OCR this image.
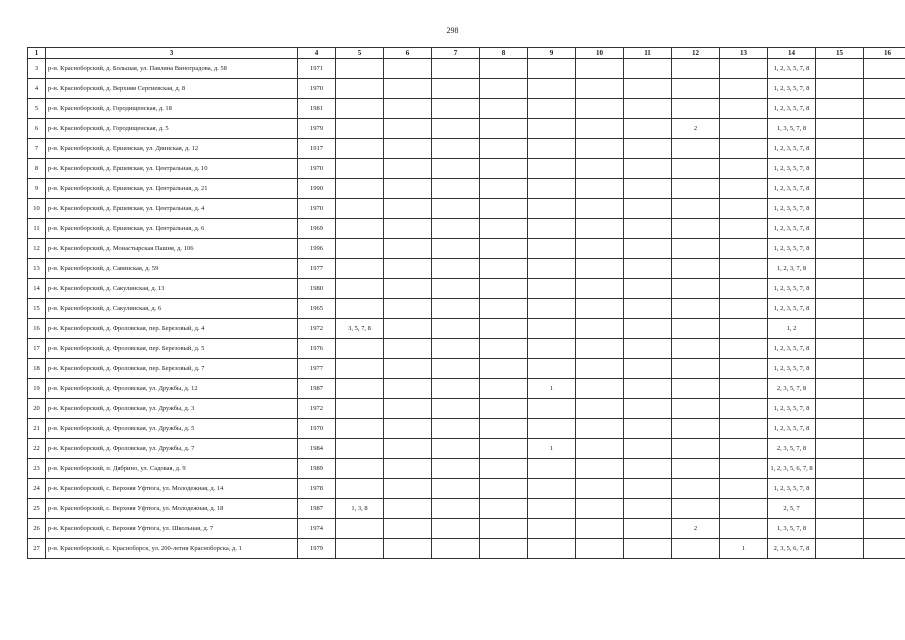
298
1	3	4	5	6	7	8	9	10	11	12	13	14	15	16
3	р-н. Красноборский, д. Большая, ул. Павлина Виноградова, д. 58	1971										1, 2, 3, 5, 7, 8		
4	р-н. Красноборский, д. Верхняя Сергиевская, д. 8	1970										1, 2, 3, 5, 7, 8		
5	р-н. Красноборский, д. Городищенская, д. 18	1981										1, 2, 3, 5, 7, 8		
6	р-н. Красноборский, д. Городищенская, д. 5	1979								2		1, 3, 5, 7, 8		
7	р-н. Красноборский, д. Ершевская, ул. Двинская, д. 12	1917										1, 2, 3, 5, 7, 8		
8	р-н. Красноборский, д. Ершевская, ул. Центральная, д. 10	1970										1, 2, 3, 5, 7, 8		
9	р-н. Красноборский, д. Ершевская, ул. Центральная, д. 21	1990										1, 2, 3, 5, 7, 8		
10	р-н. Красноборский, д. Ершевская, ул. Центральная, д. 4	1970										1, 2, 3, 5, 7, 8		
11	р-н. Красноборский, д. Ершевская, ул. Центральная, д. 6	1969										1, 2, 3, 5, 7, 8		
12	р-н. Красноборский, д. Монастырская Пашня, д. 106	1996										1, 2, 3, 5, 7, 8		
13	р-н. Красноборский, д. Савинская, д. 59	1977										1, 2, 3, 7, 8		
14	р-н. Красноборский, д. Сакулинская, д. 13	1980										1, 2, 3, 5, 7, 8		
15	р-н. Красноборский, д. Сакулинская, д. 6	1965										1, 2, 3, 5, 7, 8		
16	р-н. Красноборский, д. Фроловская, пер. Березовый, д. 4	1972	3, 5, 7, 8									1, 2		
17	р-н. Красноборский, д. Фроловская, пер. Березовый, д. 5	1976										1, 2, 3, 5, 7, 8		
18	р-н. Красноборский, д. Фроловская, пер. Березовый, д. 7	1977										1, 2, 3, 5, 7, 8		
19	р-н. Красноборский, д. Фроловская, ул. Дружбы, д. 12	1987					1					2, 3, 5, 7, 8		
20	р-н. Красноборский, д. Фроловская, ул. Дружбы, д. 3	1972										1, 2, 3, 5, 7, 8		
21	р-н. Красноборский, д. Фроловская, ул. Дружбы, д. 5	1970										1, 2, 3, 5, 7, 8		
22	р-н. Красноборский, д. Фроловская, ул. Дружбы, д. 7	1984					1					2, 3, 5, 7, 8		
23	р-н. Красноборский, п. Дябрино, ул. Садовая, д. 9	1989										1, 2, 3, 5, 6, 7, 8		
24	р-н. Красноборский, с. Верхняя Уфтюга, ул. Молодежная, д. 14	1978										1, 2, 3, 5, 7, 8		
25	р-н. Красноборский, с. Верхняя Уфтюга, ул. Молодежная, д. 18	1987	1, 3, 8									2, 5, 7		
26	р-н. Красноборский, с. Верхняя Уфтюга, ул. Школьная, д. 7	1974								2		1, 3, 5, 7, 8		
27	р-н. Красноборский, с. Красноборск, ул. 200-летия Красноборска, д. 1	1979									1	2, 3, 5, 6, 7, 8		
